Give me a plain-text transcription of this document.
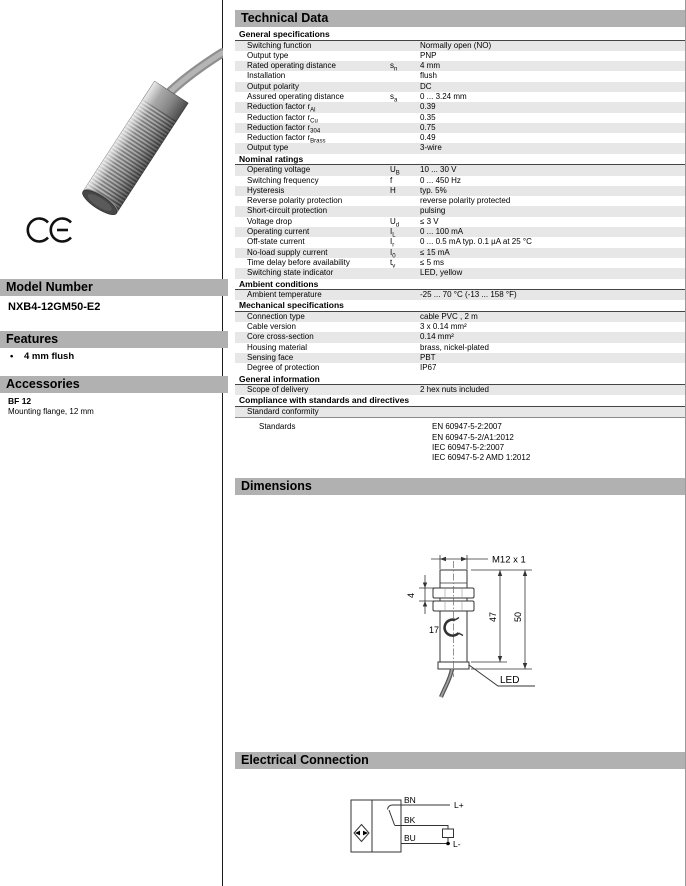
Model Number
NXB4-12GM50-E2
Features
• 4 mm flush
Accessories
BF 12
Mounting flange, 12 mm
Technical Data
General specifications
Switching function	Normally open (NO)
Output type	PNP
Rated operating distance	$s_n$	4 mm
Installation	flush
Output polarity	DC
Assured operating distance	$s_a$	0 ... 3.24 mm
Reduction factor $r_{Al}$	0.39
Reduction factor $r_{Cu}$	0.35
Reduction factor $r_{304}$	0.75
Reduction factor $r_{Brass}$	0.49
Output type	3-wire
Nominal ratings
Operating voltage	$U_B$	10 ... 30 V
Switching frequency	f	0 ... 450 Hz
Hysteresis	H	typ. 5%
Reverse polarity protection	reverse polarity protected
Short-circuit protection	pulsing
Voltage drop	$U_d$	≤ 3 V
Operating current	$I_L$	0 ... 100 mA
Off-state current	$I_r$	0 ... 0.5 mA typ. 0.1 µA at 25 °C
No-load supply current	$I_0$	≤ 15 mA
Time delay before availability	$t_v$	≤ 5 ms
Switching state indicator	LED, yellow
Ambient conditions
Ambient temperature	-25 ... 70 °C (-13 ... 158 °F)
Mechanical specifications
Connection type	cable PVC , 2 m
Cable version	3 x 0.14 mm²
Core cross-section	0.14 mm²
Housing material	brass, nickel-plated
Sensing face	PBT
Degree of protection	IP67
General information
Scope of delivery	2 hex nuts included
Compliance with standards and directives
Standard conformity
Standards	EN 60947-5-2:2007
EN 60947-5-2/A1:2012
IEC 60947-5-2:2007
IEC 60947-5-2 AMD 1:2012
Dimensions
M12 x 1
4
17
47 50
LED
Electrical Connection
BN
BK
BU
L+
L-
